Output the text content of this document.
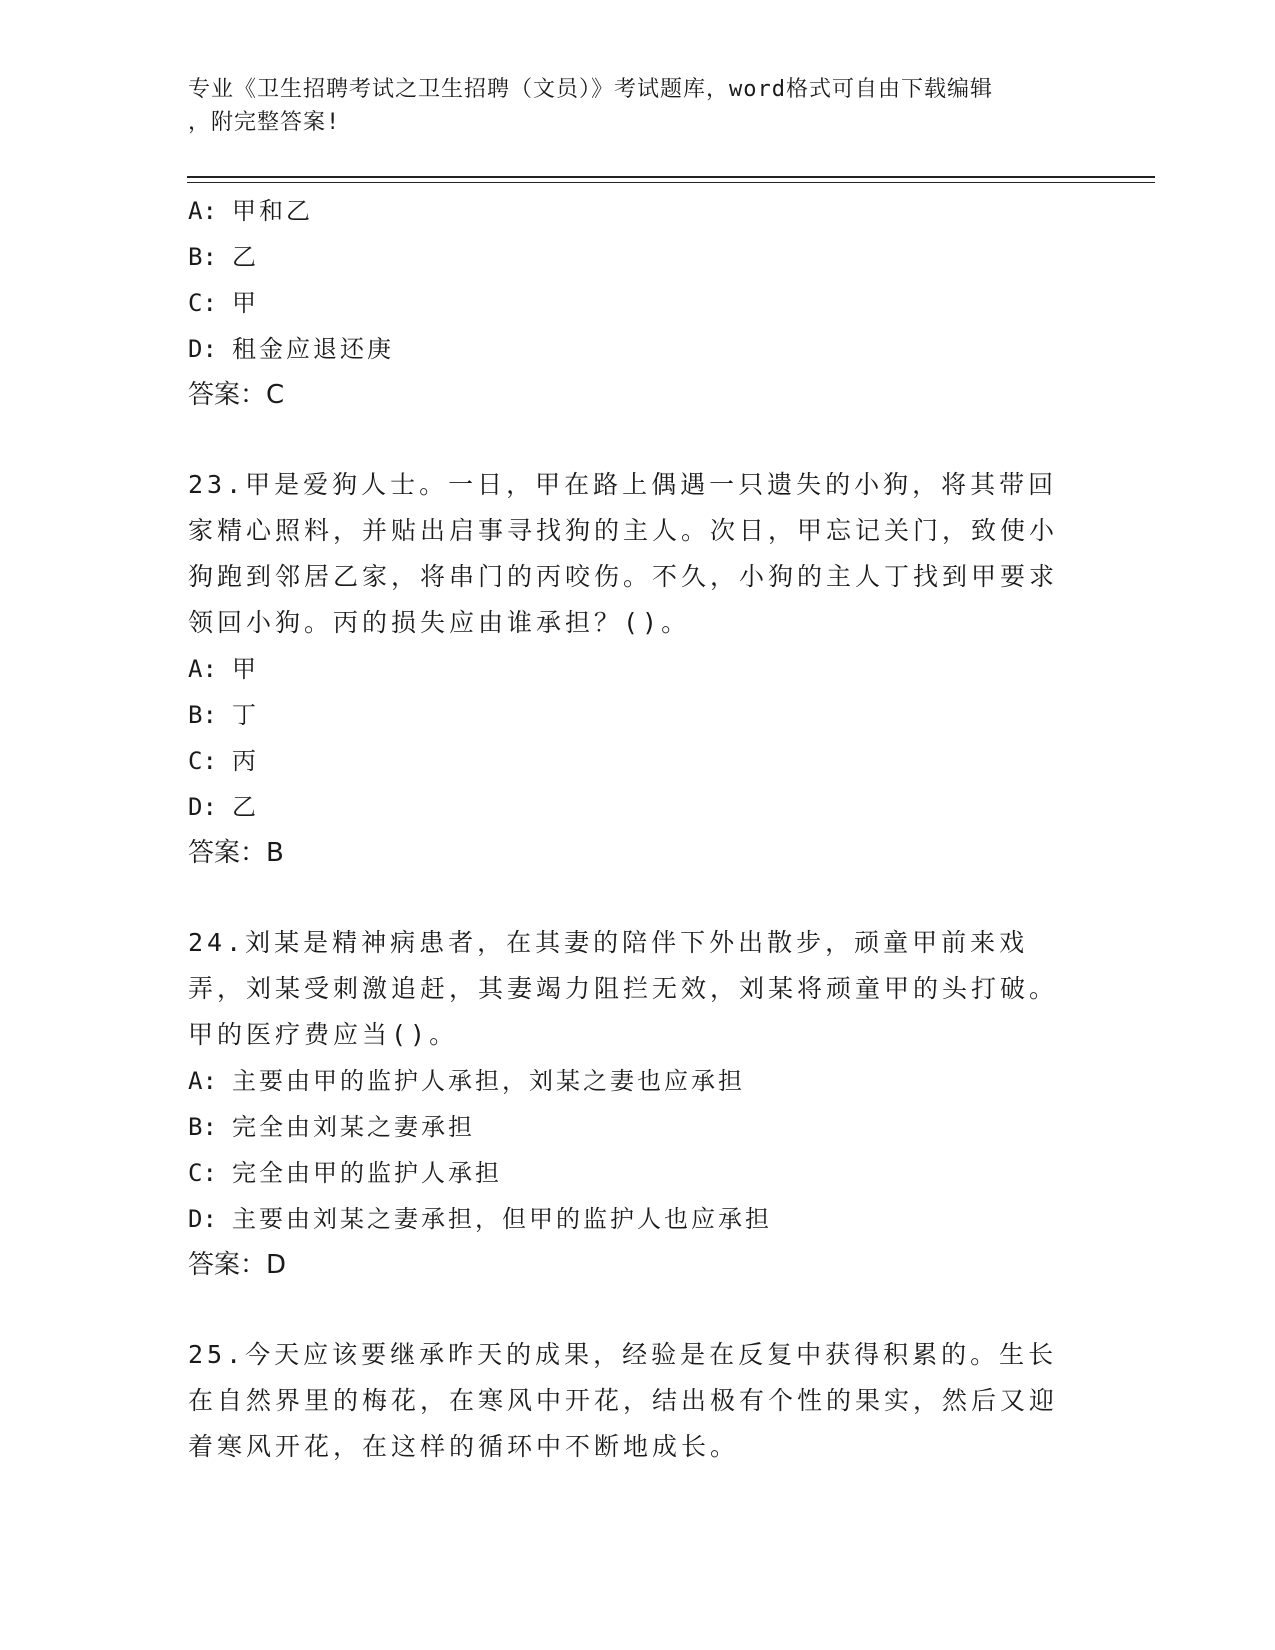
专业《卫生招聘考试之卫生招聘（文员）》考试题库，word格式可自由下载编辑
，附完整答案!
A: 甲和乙
B: 乙
C: 甲
D: 租金应退还庚
答案：C
23.甲是爱狗人士。一日，甲在路上偶遇一只遗失的小狗，将其带回家精心照料，并贴出启事寻找狗的主人。次日，甲忘记关门，致使小狗跑到邻居乙家，将串门的丙咬伤。不久，小狗的主人丁找到甲要求领回小狗。丙的损失应由谁承担？()。
A: 甲
B: 丁
C: 丙
D: 乙
答案：B
24.刘某是精神病患者，在其妻的陪伴下外出散步，顽童甲前来戏弄，刘某受刺激追赶，其妻竭力阻拦无效，刘某将顽童甲的头打破。甲的医疗费应当()。
A: 主要由甲的监护人承担，刘某之妻也应承担
B: 完全由刘某之妻承担
C: 完全由甲的监护人承担
D: 主要由刘某之妻承担，但甲的监护人也应承担
答案：D
25.今天应该要继承昨天的成果，经验是在反复中获得积累的。生长在自然界里的梅花，在寒风中开花，结出极有个性的果实，然后又迎着寒风开花，在这样的循环中不断地成长。
